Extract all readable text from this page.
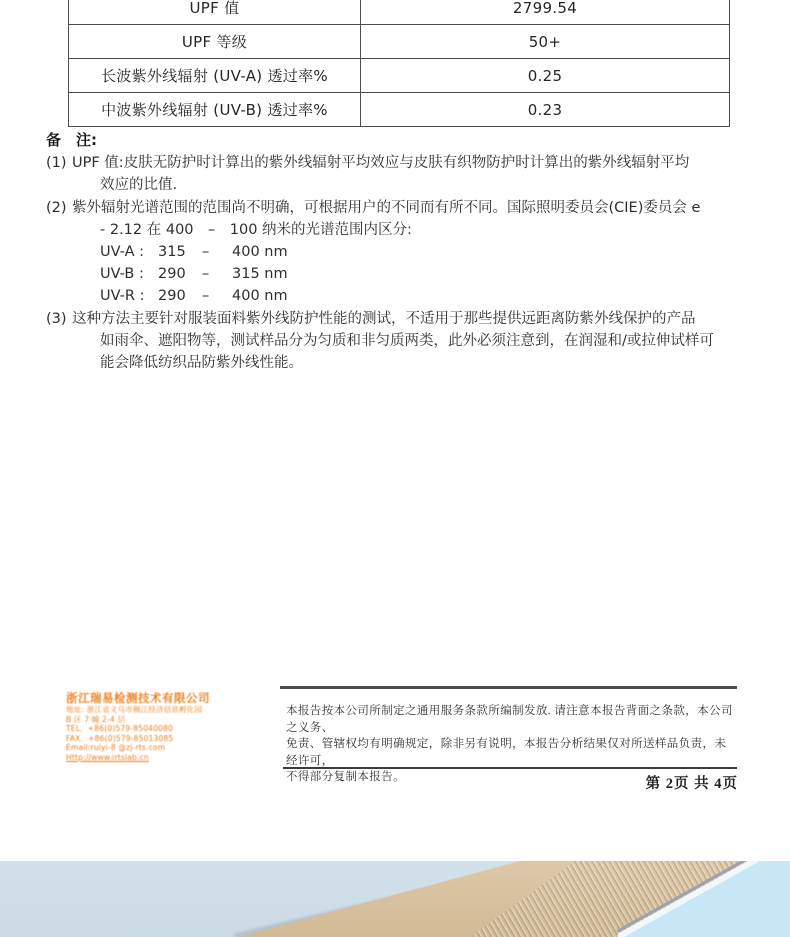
UPF 值	2799.54
UPF 等级	50+
长波紫外线辐射 (UV-A) 透过率%	0.25
中波紫外线辐射 (UV-B) 透过率%	0.23
备　注:
(1) UPF 值:皮肤无防护时计算出的紫外线辐射平均效应与皮肤有织物防护时计算出的紫外线辐射平均
效应的比值.
(2) 紫外辐射光谱范围的范围尚不明确，可根据用户的不同而有所不同。国际照明委员会(CIE)委员会 e
- 2.12 在 400　–　100 纳米的光谱范围内区分:
UV-A : 315	–	400 nm
UV-B : 290	–	315 nm
UV-R : 290	–	400 nm
(3) 这种方法主要针对服装面料紫外线防护性能的测试，不适用于那些提供远距离防紫外线保护的产品
如雨伞、遮阳物等，测试样品分为匀质和非匀质两类，此外必须注意到，在润湿和/或拉伸试样可
能会降低纺织品防紫外线性能。
浙江瑞易检测技术有限公司
地址: 浙江省义乌市稠江经济信息孵化园
B 区 7 幢 2-4 层
TEL．+86(0)579-85040080
FAX．+86(0)579-85013085
Email:ruiyi-8 @zj-rts.com
Http://www.irtslab.cn
本报告按本公司所制定之通用服务条款所编制发放. 请注意本报告背面之条款，本公司之义务、
免责、管辖权均有明确规定，除非另有说明，本报告分析结果仅对所送样品负责，未经许可，
不得部分复制本报告。	第 2页 共 4页
